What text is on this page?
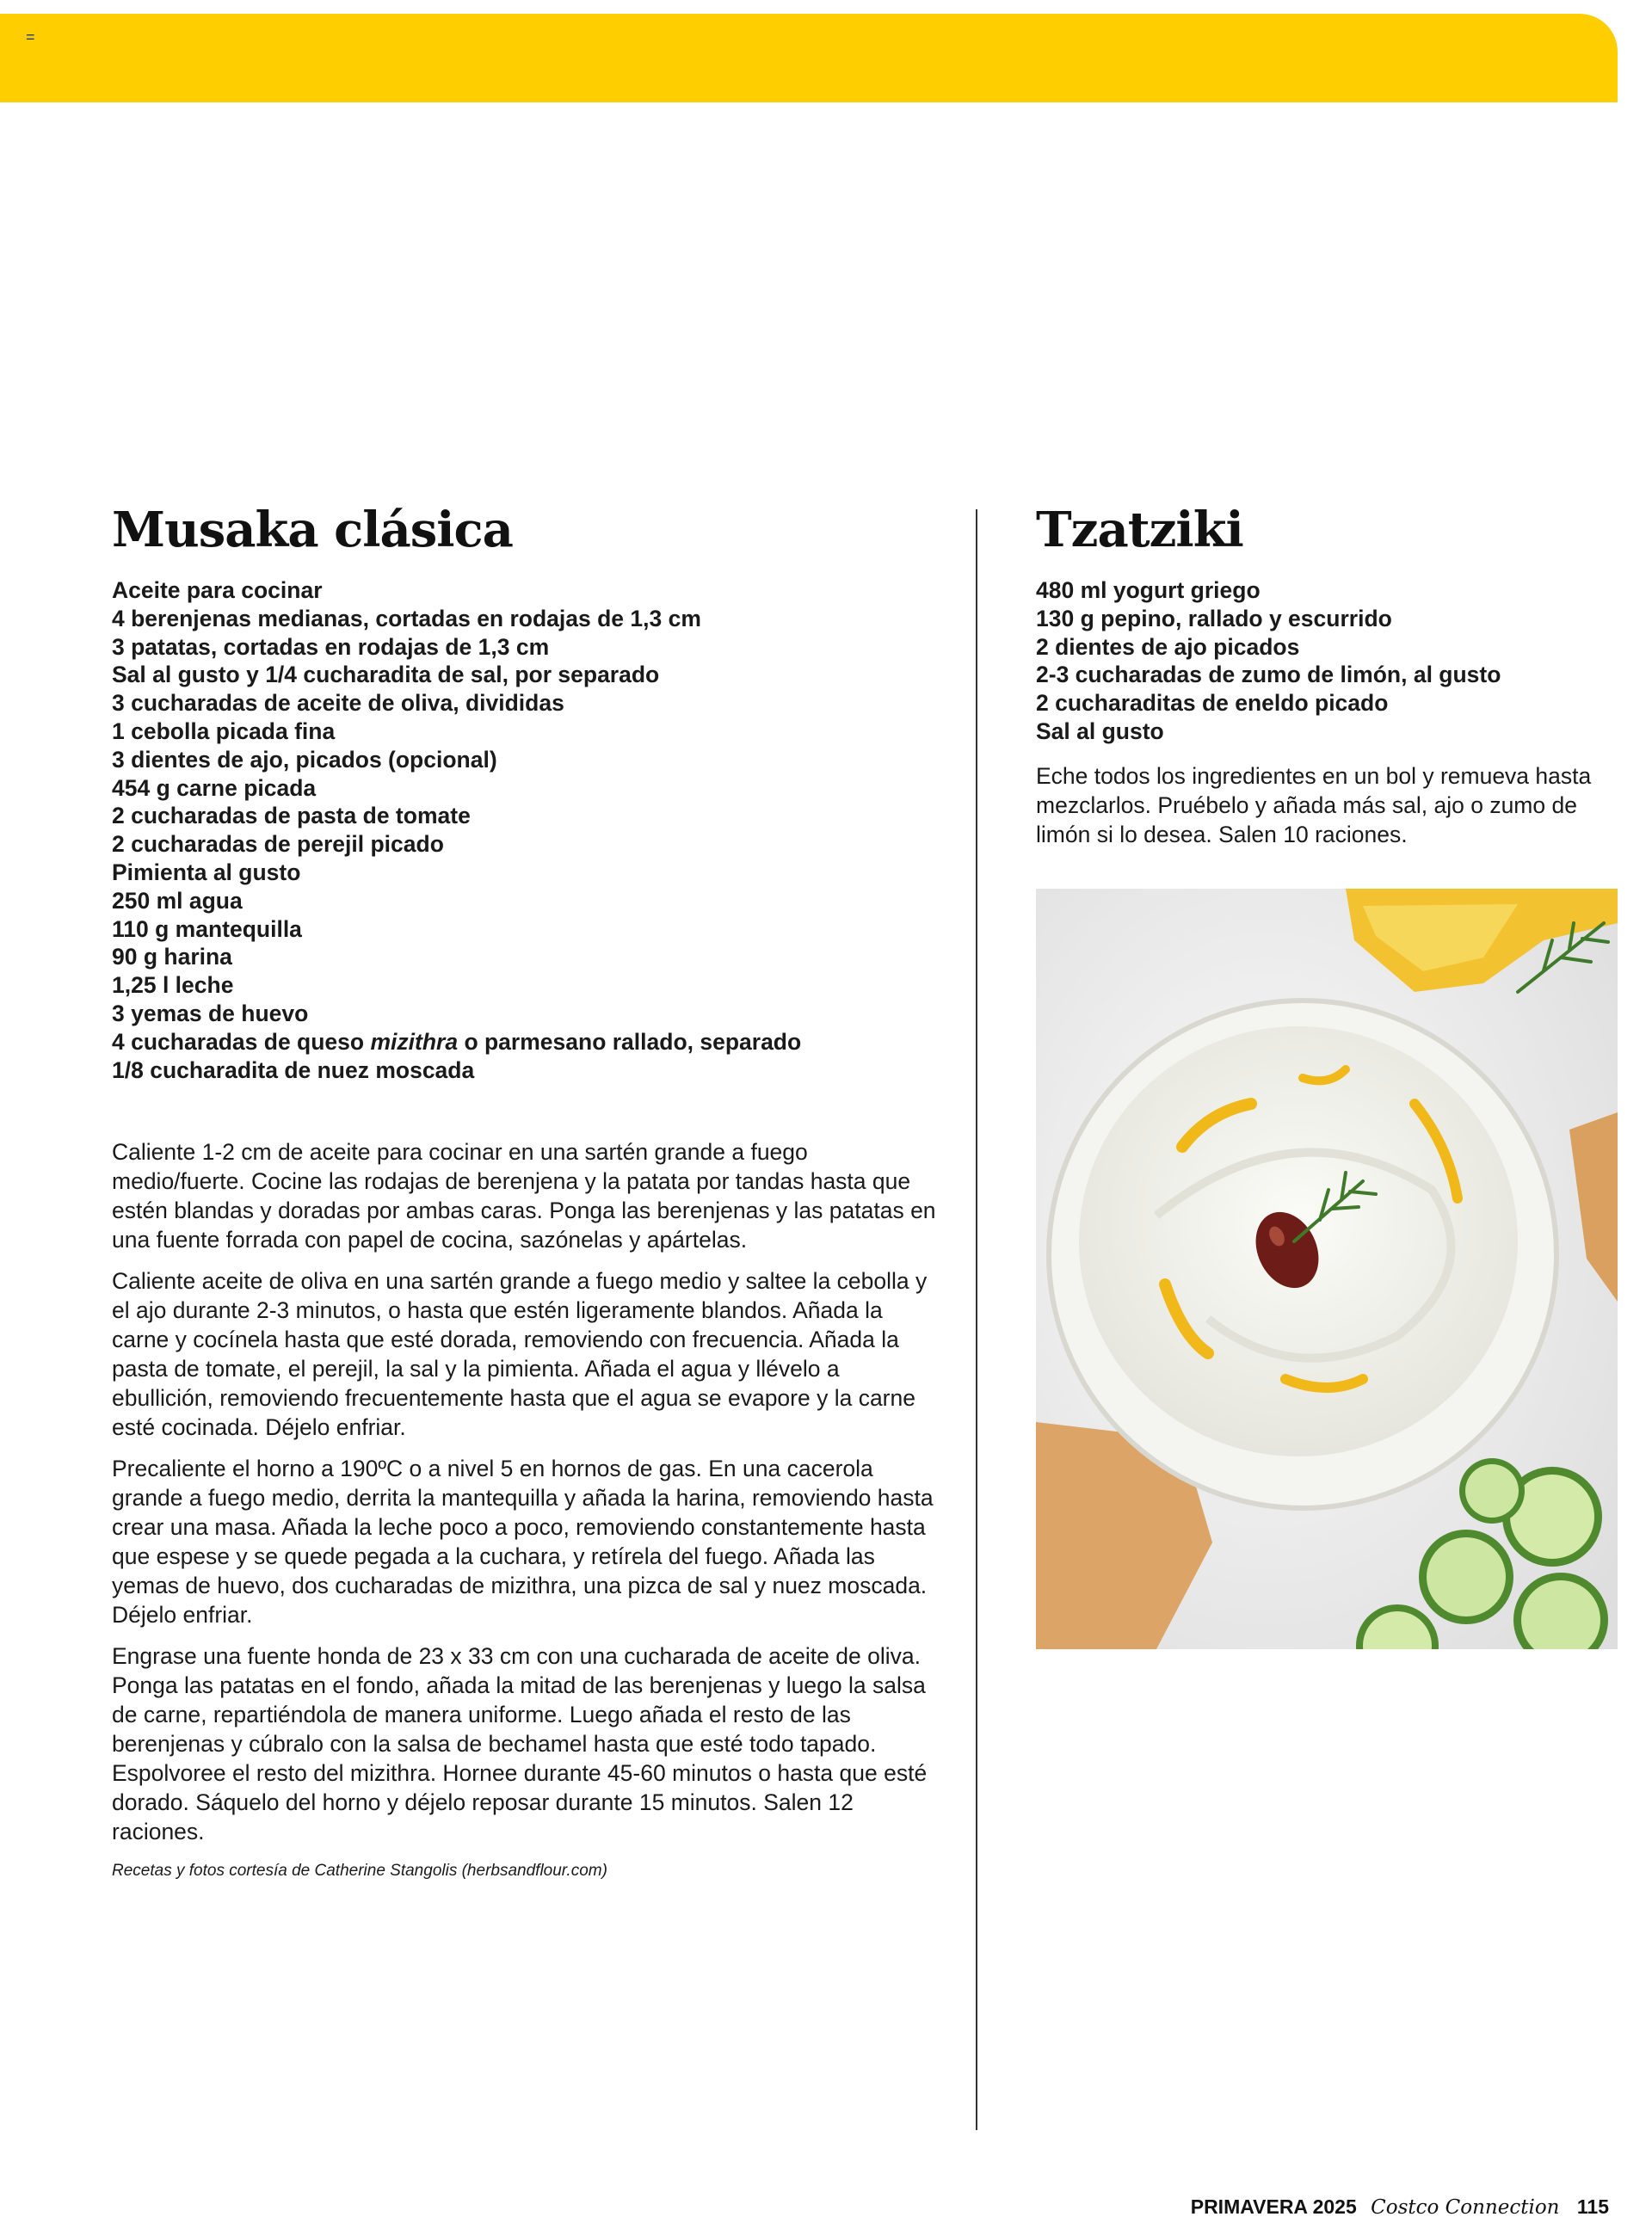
=
Musaka clásica
Aceite para cocinar
4 berenjenas medianas, cortadas en rodajas de 1,3 cm
3 patatas, cortadas en rodajas de 1,3 cm
Sal al gusto y 1/4 cucharadita de sal, por separado
3 cucharadas de aceite de oliva, divididas
1 cebolla picada fina
3 dientes de ajo, picados (opcional)
454 g carne picada
2 cucharadas de pasta de tomate
2 cucharadas de perejil picado
Pimienta al gusto
250 ml agua
110 g mantequilla
90 g harina
1,25 l leche
3 yemas de huevo
4 cucharadas de queso mizithra o parmesano rallado, separado
1/8 cucharadita de nuez moscada

Caliente 1-2 cm de aceite para cocinar en una sartén grande a fuego medio/fuerte. Cocine las rodajas de berenjena y la patata por tandas hasta que estén blandas y doradas por ambas caras. Ponga las berenjenas y las patatas en una fuente forrada con papel de cocina, sazónelas y apártelas.

Caliente aceite de oliva en una sartén grande a fuego medio y saltee la cebolla y el ajo durante 2-3 minutos, o hasta que estén ligeramente blandos. Añada la carne y cocínela hasta que esté dorada, removiendo con frecuencia. Añada la pasta de tomate, el perejil, la sal y la pimienta. Añada el agua y llévelo a ebullición, removiendo frecuentemente hasta que el agua se evapore y la carne esté cocinada. Déjelo enfriar.

Precaliente el horno a 190ºC o a nivel 5 en hornos de gas. En una cacerola grande a fuego medio, derrita la mantequilla y añada la harina, removiendo hasta crear una masa. Añada la leche poco a poco, removiendo constantemente hasta que espese y se quede pegada a la cuchara, y retírela del fuego. Añada las yemas de huevo, dos cucharadas de mizithra, una pizca de sal y nuez moscada. Déjelo enfriar.

Engrase una fuente honda de 23 x 33 cm con una cucharada de aceite de oliva. Ponga las patatas en el fondo, añada la mitad de las berenjenas y luego la salsa de carne, repartiéndola de manera uniforme. Luego añada el resto de las berenjenas y cúbralo con la salsa de bechamel hasta que esté todo tapado. Espolvoree el resto del mizithra. Hornee durante 45-60 minutos o hasta que esté dorado. Sáquelo del horno y déjelo reposar durante 15 minutos. Salen 12 raciones.

Recetas y fotos cortesía de Catherine Stangolis (herbsandflour.com)
Tzatziki
480 ml yogurt griego
130 g pepino, rallado y escurrido
2 dientes de ajo picados
2-3 cucharadas de zumo de limón, al gusto
2 cucharaditas de eneldo picado
Sal al gusto

Eche todos los ingredientes en un bol y remueva hasta mezclarlos. Pruébelo y añada más sal, ajo o zumo de limón si lo desea. Salen 10 raciones.

PRIMAVERA 2025 Costco Connection 115
